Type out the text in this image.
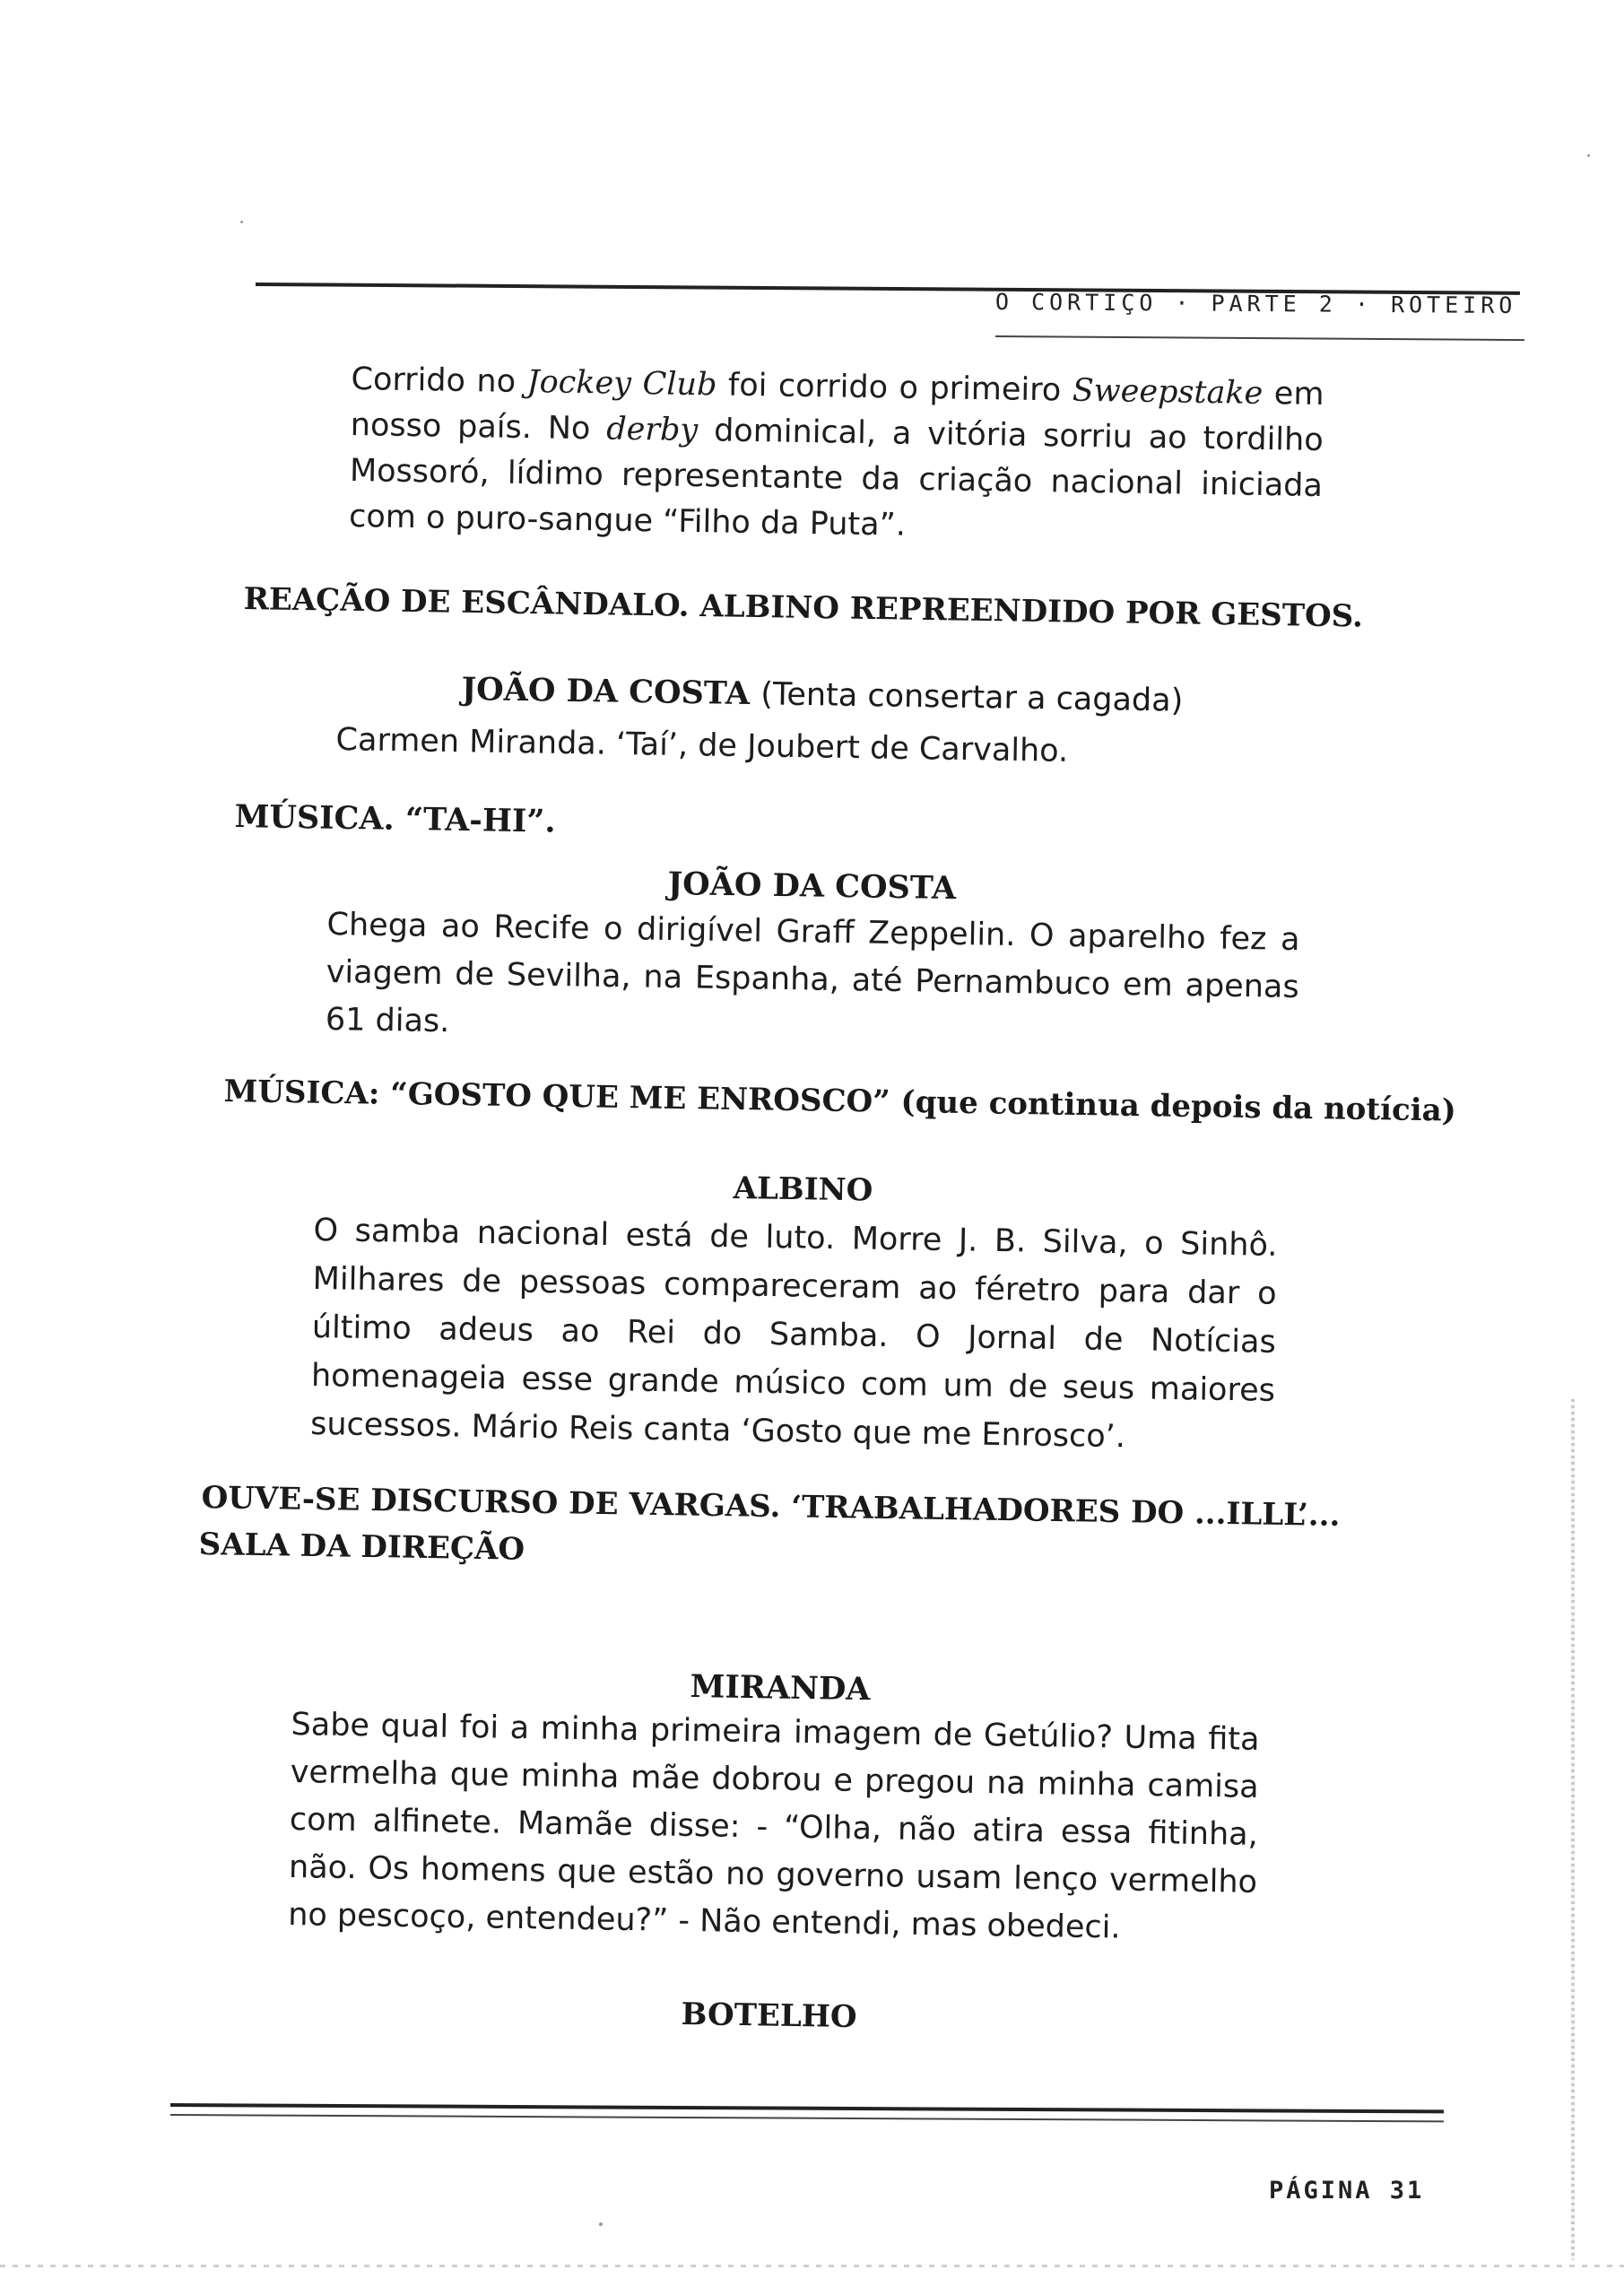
O CORTIÇO · PARTE 2 · ROTEIRO

Corrido no Jockey Club foi corrido o primeiro Sweepstake em nosso país. No derby dominical, a vitória sorriu ao tordilho Mossoró, lídimo representante da criação nacional iniciada com o puro-sangue “Filho da Puta”.

REAÇÃO DE ESCÂNDALO. ALBINO REPREENDIDO POR GESTOS.
JOÃO DA COSTA (Tenta consertar a cagada)

Carmen Miranda. ‘Taí’, de Joubert de Carvalho.

MÚSICA. “TA-HI”.
JOÃO DA COSTA

Chega ao Recife o dirigível Graff Zeppelin. O aparelho fez a viagem de Sevilha, na Espanha, até Pernambuco em apenas 61 dias.

MÚSICA: “GOSTO QUE ME ENROSCO” (que continua depois da notícia)
ALBINO

O samba nacional está de luto. Morre J. B. Silva, o Sinhô. Milhares de pessoas compareceram ao féretro para dar o último adeus ao Rei do Samba. O Jornal de Notícias homenageia esse grande músico com um de seus maiores sucessos. Mário Reis canta ‘Gosto que me Enrosco’.

OUVE-SE DISCURSO DE VARGAS. ‘TRABALHADORES DO ...ILLL’...
SALA DA DIREÇÃO
MIRANDA

Sabe qual foi a minha primeira imagem de Getúlio? Uma fita vermelha que minha mãe dobrou e pregou na minha camisa com alfinete. Mamãe disse: - “Olha, não atira essa fitinha, não. Os homens que estão no governo usam lenço vermelho no pescoço, entendeu?” - Não entendi, mas obedeci.

BOTELHO
PÁGINA 31
